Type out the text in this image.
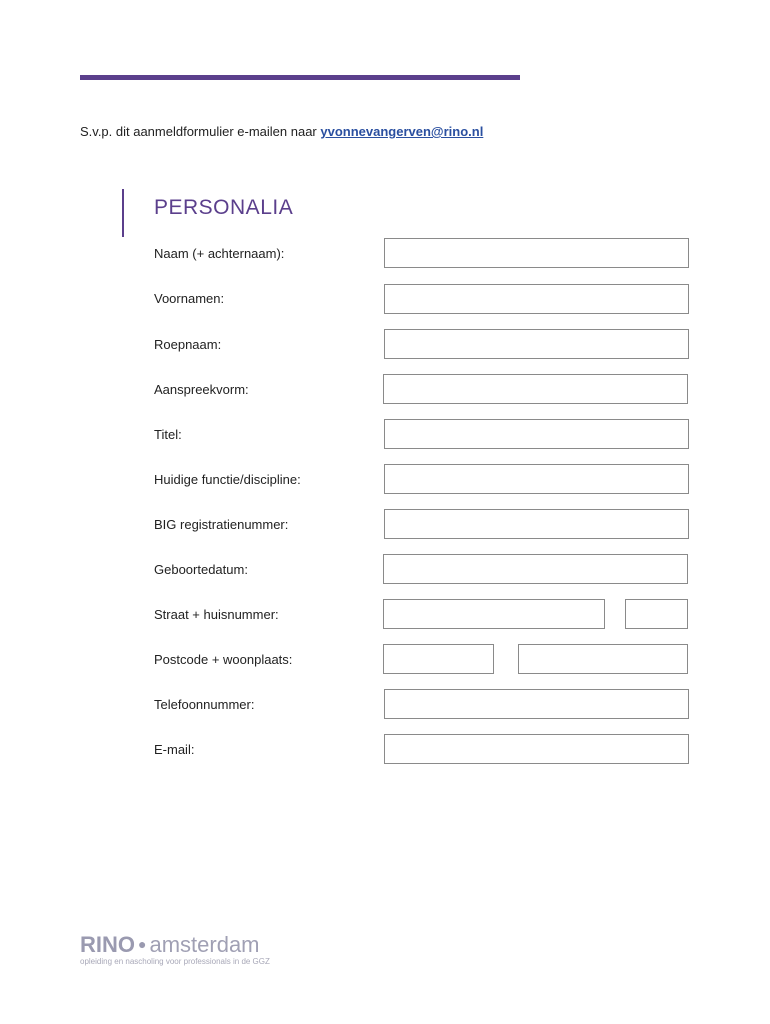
S.v.p. dit aanmeldformulier e-mailen naar yvonnevangerven@rino.nl
PERSONALIA
Naam (+ achternaam):
Voornamen:
Roepnaam:
Aanspreekvorm:
Titel:
Huidige functie/discipline:
BIG registratienummer:
Geboortedatum:
Straat + huisnummer:
Postcode + woonplaats:
Telefoonnummer:
E-mail:
RINO ● amsterdam
opleiding en nascholing voor professionals in de GGZ
